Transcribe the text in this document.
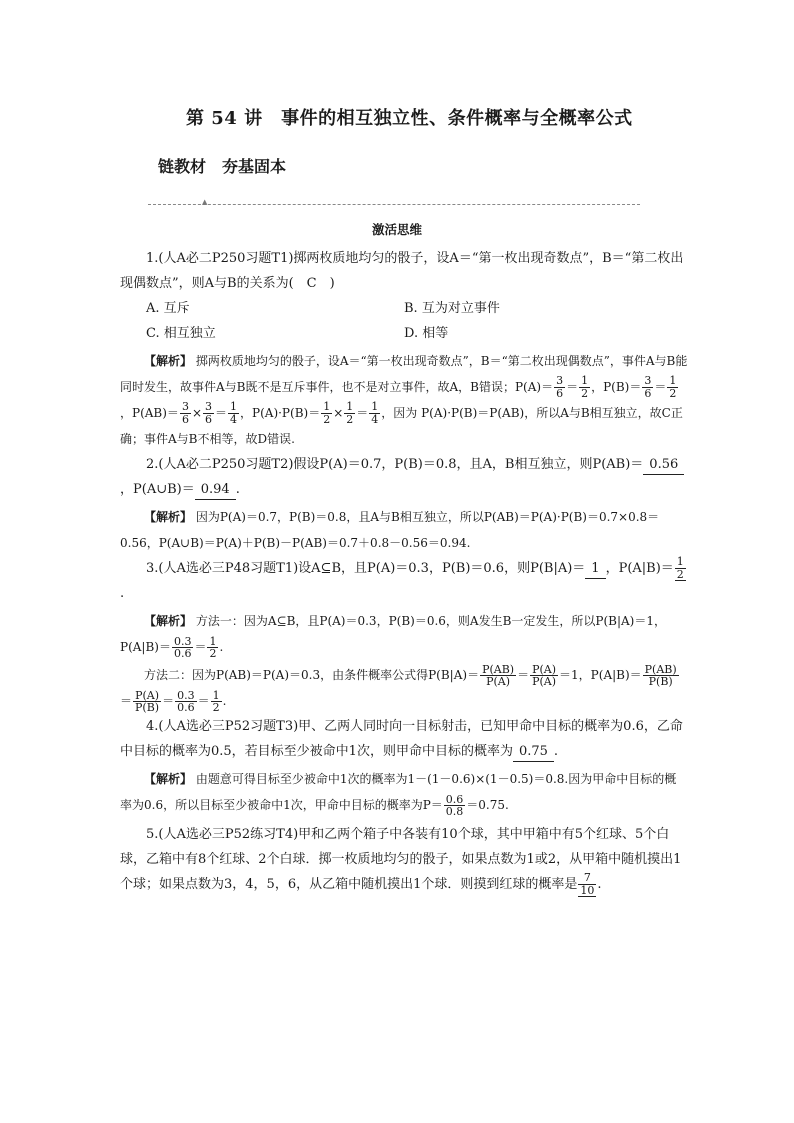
第 54 讲　事件的相互独立性、条件概率与全概率公式
链教材　夯基固本
▲
激活思维

1.(人A必二P250习题T1)掷两枚质地均匀的骰子，设A＝“第一枚出现奇数点”，B＝“第二枚出现偶数点”，则A与B的关系为(　C　)

A. 互斥	B. 互为对立事件
C. 相互独立	D. 相等

【解析】 掷两枚质地均匀的骰子，设A＝“第一枚出现奇数点”，B＝“第二枚出现偶数点”，事件A与B能同时发生，故事件A与B既不是互斥事件，也不是对立事件，故A，B错误；$P(A)= \frac{3}{6} = \frac{1}{2}$ ，$P(B)= \frac{3}{6} = \frac{1}{2}$
，$P(AB)= \frac{3}{6} \times \frac{3}{6} = \frac{1}{4}$ ，$P(A)\cdot P(B)= \frac{1}{2} \times \frac{1}{2} = \frac{1}{4}$ ，因为 P(A)·P(B)＝P(AB)，所以A与B相互独立，故C正确；事件A与B不相等，故D错误.

2.(人A必二P250习题T2)假设P(A)＝0.7，P(B)＝0.8，且A，B相互独立，则P(AB)＝ 0.56，P(A∪B)＝ 0.94 .

【解析】 因为P(A)＝0.7，P(B)＝0.8，且A与B相互独立，所以P(AB)＝P(A)·P(B)＝0.7×0.8＝0.56，P(A∪B)＝P(A)＋P(B)－P(AB)＝0.7＋0.8－0.56＝0.94.

3.(人A选必三P48习题T1)设A⊆B，且P(A)＝0.3，P(B)＝0.6，则P(B|A)＝ 1 ，$P(A|B)= \frac{1}{2}$
.

【解析】 方法一：因为A⊆B，且P(A)＝0.3，P(B)＝0.6，则A发生B一定发生，所以P(B|A)＝1，$P(A|B)= \frac{0.3}{0.6} = \frac{1}{2}$ .

方法二：因为P(AB)＝P(A)＝0.3，由条件概率公式得$P(B|A)= \frac{P(AB)}{P(A)} = \frac{P(A)}{P(A)} =1$，$P(A|B)= \frac{P(AB)}{P(B)}$
＝ $\frac{P(A)}{P(B)} = \frac{0.3}{0.6} = \frac{1}{2}$ .

4.(人A选必三P52习题T3)甲、乙两人同时向一目标射击，已知甲命中目标的概率为0.6，乙命中目标的概率为0.5，若目标至少被命中1次，则甲命中目标的概率为 0.75 .

【解析】 由题意可得目标至少被命中1次的概率为1－(1－0.6)×(1－0.5)＝0.8.因为甲命中目标的概率为0.6，所以目标至少被命中1次，甲命中目标的概率为$P= \frac{0.6}{0.8} =0.75$.

5.(人A选必三P52练习T4)甲和乙两个箱子中各装有10个球，其中甲箱中有5个红球、5个白球，乙箱中有8个红球、2个白球．掷一枚质地均匀的骰子，如果点数为1或2，从甲箱中随机摸出1个球；如果点数为3，4，5，6，从乙箱中随机摸出1个球．则摸到红球的概率是 $\frac{7}{10}$ .
